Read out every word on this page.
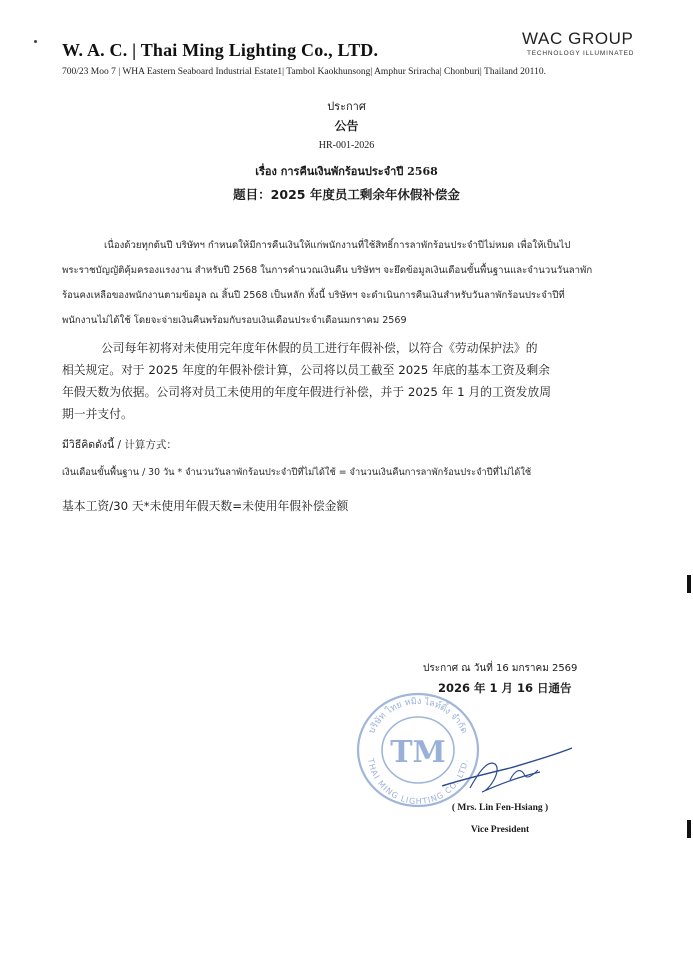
W. A. C. | Thai Ming Lighting Co., LTD.
WAC GROUP
TECHNOLOGY ILLUMINATED
700/23 Moo 7 | WHA Eastern Seaboard Industrial Estate1| Tambol Kaokhunsong| Amphur Sriracha| Chonburi| Thailand 20110.
ประกาศ
公告
HR-001-2026
เรื่อง การคืนเงินพักร้อนประจำปี 2568
题目：2025 年度员工剩余年休假补偿金
เนื่องด้วยทุกต้นปี บริษัทฯ กำหนดให้มีการคืนเงินให้แก่พนักงานที่ใช้สิทธิ์การลาพักร้อนประจำปีไม่หมด เพื่อให้เป็นไป
พระราชบัญญัติคุ้มครองแรงงาน สำหรับปี 2568 ในการคำนวณเงินคืน บริษัทฯ จะยึดข้อมูลเงินเดือนขั้นพื้นฐานและจำนวนวันลาพัก
ร้อนคงเหลือของพนักงานตามข้อมูล ณ สิ้นปี 2568 เป็นหลัก ทั้งนี้ บริษัทฯ จะดำเนินการคืนเงินสำหรับวันลาพักร้อนประจำปีที่
พนักงานไม่ได้ใช้ โดยจะจ่ายเงินคืนพร้อมกับรอบเงินเดือนประจำเดือนมกราคม 2569
公司每年初将对未使用完年度年休假的员工进行年假补偿，以符合《劳动保护法》的
相关规定。对于 2025 年度的年假补偿计算，公司将以员工截至 2025 年底的基本工资及剩余
年假天数为依据。公司将对员工未使用的年度年假进行补偿，并于 2025 年 1 月的工资发放周
期一并支付。
มีวิธีคิดดังนี้ / 计算方式：
เงินเดือนขั้นพื้นฐาน / 30 วัน * จำนวนวันลาพักร้อนประจำปีที่ไม่ได้ใช้ = จำนวนเงินคืนการลาพักร้อนประจำปีที่ไม่ได้ใช้
基本工资/30 天*未使用年假天数=未使用年假补偿金额
ประกาศ ณ วันที่ 16 มกราคม 2569
2026 年 1 月 16 日通告
บริษัท ไทย หมิง ไลท์ติ้ง จำกัด
THAI MING LIGHTING CO.,LTD.
TM
( Mrs. Lin Fen-Hsiang )
Vice President
